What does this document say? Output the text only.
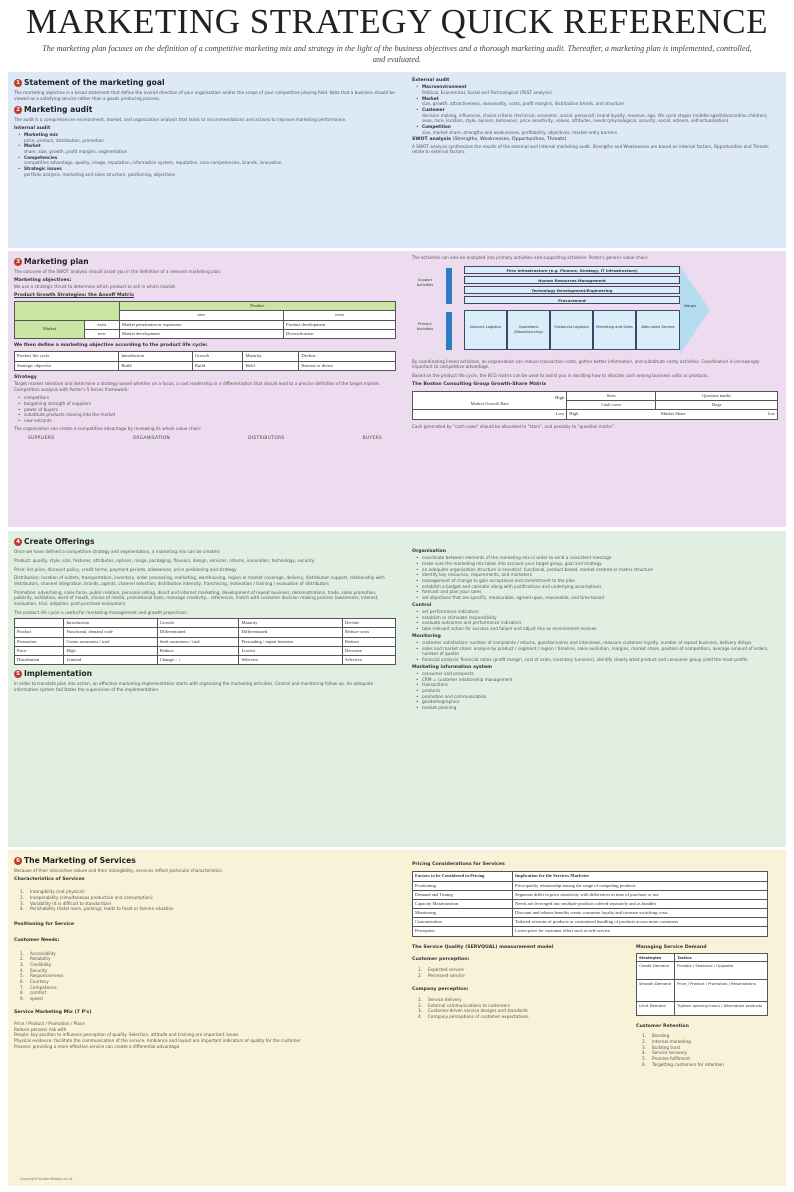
MARKETING STRATEGY QUICK REFERENCE
The marketing plan focuses on the definition of a competitive marketing mix and strategy in the light of the business objectives and a thorough marketing audit. Thereafter, a marketing plan is implemented, controlled, and evaluated.
1 Statement of the marketing goal
The marketing objective is a broad statement that define the overall direction of your organization and/or the scope of your competitive playing field. Note that a business should be viewed as a satisfying service rather than a goods producing process.
2 Marketing audit
The audit is a comprehensive environment, market, and organization analysis that leads to recommendations and actions to improve marketing performance.
Internal audit
• Marketing mix
price, product, distribution, promotion
• Market
share, size, growth, profit margins, segmentation
• Competencies
competitive advantage, quality, image, reputation, information system, reputation, core competencies, brands, innovation
• Strategic issues
portfolio analysis, marketing and sales structure, positioning, objectives
External audit
• Macroenvironment
Political, Economical, Social and Technological (PEST analysis)
• Market
size, growth, attractiveness, seasonality, costs, profit margins, distribution trends, and structure
• Customer
decision making, influences, choice criteria (technical, economic, social, personal); brand loyalty, revenue, age, life cycle stages (middle-aged/divorced/no children), sexe, race, location, style, opinion, behaviour, price sensitivity, values, attitudes, needs (physiological, security, social, esteem, self-actualisation)
• Competition
size, market share, strengths and weaknesses, profitability, objectives, market entry barriers
SWOT analysis (Strengths, Weaknesses, Opportunities, Threats)
A SWOT analysis synthesizes the results of the external and internal marketing audit. Strengths and Weaknesses are based on internal factors, Opportunities and Threats relate to external factors.
3 Marketing plan
The outcome of the SWOT analysis should assist you in the definition of a relevant marketing plan.
Marketing objectives:
We use a strategic thrust to determine which product to sell in which market.
Product Growth Strategies: the Ansoff Matrix
		Product	
		new	exist
Market	exist	Market penetration or expansion	Product development
	new	Market development	Diversification
We then define a marketing objective according to the product life cycle:
Product life cycle	Introduction	Growth	Maturity	Decline
Strategic objective	Build	Build	Hold	Harvest or divest
Strategy
Target market selection and determine a strategy based whether on a focus, a cost leadership or a differentiation that should lead to a precise definition of the target market. Competition analysis with Porter's 5 forces framework:
• competitors
• bargaining strength of suppliers
• power of buyers
• substitute products moving into the market
• new entrants
The organisation can create a competitive advantage by reviewing its whole value chain:
SUPPLIERS	ORGANISATION	DISTRIBUTORS	BUYERS
The activities can also be analyzed into primary activities and supporting activities: Porter's generic value chain:
Support Activities
Primary Activities
Firm Infrastructure (e.g. Finance, Strategy, IT infrastructure)
Human Resources Management
Technology Development/Engineering
Procurement
Inbound Logistics	Operations (Manufacturing)
Outbound Logistics	Marketing and Sales	After-sales Service
Margin
By coordinating linked activities, an organisation can reduce transaction costs, gather better information, and substitute costly activities. Coordination is increasingly important to competitive advantage.
Based on the product life cycle, the BCG matrix can be used to assist you in deciding how to allocate cash among business units or products.
The Boston Consulting Group Growth-Share Matrix
High
Market Growth Rate	Stars	Question marks
	Cash cows	Dogs
Low	High Market Share low	
Cash generated by "cash cows" should be allocated to "stars", and possibly to "question marks".
4 Create Offerings
Once we have defined a competitive strategy and segmentation, a marketing mix can be created:
Product: quality, style, size, features, attributes, options, range, packaging, flavours, design, services, returns, innovation, technology, security
Price: list price, discount policy, credit terms, payment periods, allowances, price positioning and strategy
Distribution: location of outlets, transportation, inventory, order processing, marketing, warehousing, region or market coverage, delivery, distribution support, relationship with distributors, channel integration, brands, agents, channel selection, distribution intensity, franchising, motivation / training / evaluation of distributors
Promotion: advertising, sales force, public relation, personal selling, direct and internet marketing, development of repeat business, demonstrations, trade, sales promotion, publicity, exhibition, word of mouth, choice of media, promotional tools, message creativity... references, match with customer decision making process (awareness, interest, evaluation, trial, adoption, post-purchase evaluation)
The product life cycle is useful for marketing management and growth projections:
	Introduction	Growth	Maturity	Decline
Product	Functional, demand code	Differentiated	Differentiated	Reduce costs
Promotion	Create awareness / trial	Seek awareness / trial	Persuading / repeat business	Reduce
Price	High	Reduce	Lowest	Decrease
Distribution	Limited	Change... ↓	Selective	Selective
5 Implementation
In order to translate plan into action, an effective marketing implementation starts with organizing the marketing activities. Control and monitoring follow up. An adequate information system facilitates the supervision of the implementation.
Organisation
• coordinate between elements of the marketing mix in order to send a consistent message
• make sure the marketing mix takes into account your target group, goal and strategy
• an adequate organisation structure is essential: functional, product based, market centred or matrix structure
• identify key resources, requirements, and marketers
• management of change to gain acceptance and commitment to the plan
• establish a budget and calendar along with justifications and underlying assumptions
• forecast and plan your sales
• set objectives that are specific, measurable, agreed upon, reasonable, and time based
Control
• set performance indicators
• establish or stimulate responsibility
• evaluate outcomes and performance indicators
• take relevant action for success and failure and adjust mix as environment evolves
Monitoring
• customer satisfaction: number of complaints / returns, questionnaires and interviews, measure customer loyalty, number of repeat business, delivery delays
• sales and market share: analyse by product / segment / region / timeline, sales evolution, margins, market share, position of competitors, average amount of orders, number of quotes
• financial analysis: financial ratios (profit margin, cost of sales, inventory turnover), identify clearly what product and consumer group yield the most profits
Marketing information system
• consumer and prospects
• CRM = customer relationship management
• transactions
• products
• promotion and communication
• geodemographics
• market planning
6 The Marketing of Services
Because of their interactive nature and their intangibility, services reflect particular characteristics.
Characteristics of Services
1. Intangibility (not physical)
2. Inseparability (simultaneous production and consumption)
3. Variability (it is difficult to standardize)
4. Perishability (hotel room, parking); leads to feast or famine situation
Positioning for Service
Customer Needs:
1. Accessibility
2. Reliability
3. Credibility
4. Security
5. Responsiveness
6. Courtesy
7. Competence
8. comfort
9. speed
Service Marketing Mix (7 P's)
Price / Product / Promotion / Place
Reduce persons risk with
People: key position to influence perception of quality. Selection, attitude and training are important issues
Physical evidence: facilitate the communication of the service. Ambiance and layout are important indicators of quality for the customer
Process: providing a more effective service can create a differential advantage
Pricing Considerations for Services
Factors to be Considered in Pricing	Implication for the Services Marketer
Positioning	Price/quality relationship among the range of competing products
Demand and Timing	Segments differ in price sensitivity with differences in time of purchase or use
Capacity Maximization	Needs are leveraged into multiple products offered separately and as bundles
Monitoring	Discount and rebates benefits create consumer loyalty and increase switching costs
Customization	Tailored versions of products or customized bundling of products across more customers
Perception	Lower price for customer effort such as self-service
The Service Quality (SERVQUAL) measurement model
Customer perception:
1. Expected service
2. Perceived service
Company perception:
1. Service delivery
2. External communications to customers
3. Customer-driven service designs and standards
4. Company perceptions of customer expectations
Managing Service Demand
Strategies	Tactics
Create Demand	Flexible / Seasonal / Opposite
Smooth Demand	Price / Product / Promotion / Reservations
Limit Demand	Tighten opening hours / Alternative products
Customer Retention
1. Bonding
2. Internal marketing
3. Building trust
4. Service recovery
5. Promise fulfilment
6. Targetting customers for retention
Copyright StudentNotes.co.uk
